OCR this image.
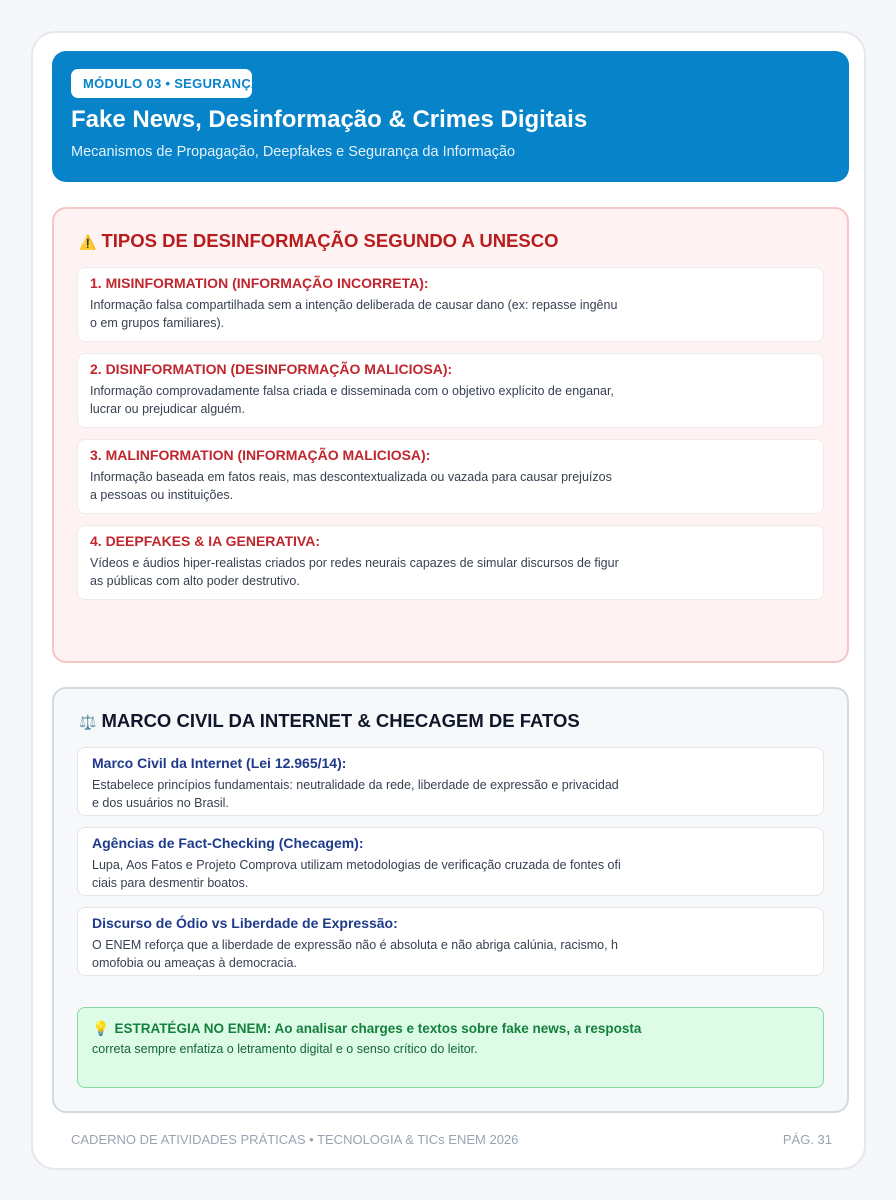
MÓDULO 03 • SEGURANÇA DIGITAL
Fake News, Desinformação & Crimes Digitais
Mecanismos de Propagação, Deepfakes e Segurança da Informação
⚠️ TIPOS DE DESINFORMAÇÃO SEGUNDO A UNESCO
1. MISINFORMATION (INFORMAÇÃO INCORRETA):
Informação falsa compartilhada sem a intenção deliberada de causar dano (ex: repasse ingênuo em grupos familiares).
2. DISINFORMATION (DESINFORMAÇÃO MALICIOSA):
Informação comprovadamente falsa criada e disseminada com o objetivo explícito de enganar, lucrar ou prejudicar alguém.
3. MALINFORMATION (INFORMAÇÃO MALICIOSA):
Informação baseada em fatos reais, mas descontextualizada ou vazada para causar prejuízos a pessoas ou instituições.
4. DEEPFAKES & IA GENERATIVA:
Vídeos e áudios hiper-realistas criados por redes neurais capazes de simular discursos de figuras públicas com alto poder destrutivo.
⚖️ MARCO CIVIL DA INTERNET & CHECAGEM DE FATOS
Marco Civil da Internet (Lei 12.965/14):
Estabelece princípios fundamentais: neutralidade da rede, liberdade de expressão e privacidade dos usuários no Brasil.
Agências de Fact-Checking (Checagem):
Lupa, Aos Fatos e Projeto Comprova utilizam metodologias de verificação cruzada de fontes oficiais para desmentir boatos.
Discurso de Ódio vs Liberdade de Expressão:
O ENEM reforça que a liberdade de expressão não é absoluta e não abriga calúnia, racismo, homofobia ou ameaças à democracia.
💡 ESTRATÉGIA NO ENEM: Ao analisar charges e textos sobre fake news, a resposta
correta sempre enfatiza o letramento digital e o senso crítico do leitor.
CADERNO DE ATIVIDADES PRÁTICAS • TECNOLOGIA & TICs ENEM 2026	PÁG. 31
